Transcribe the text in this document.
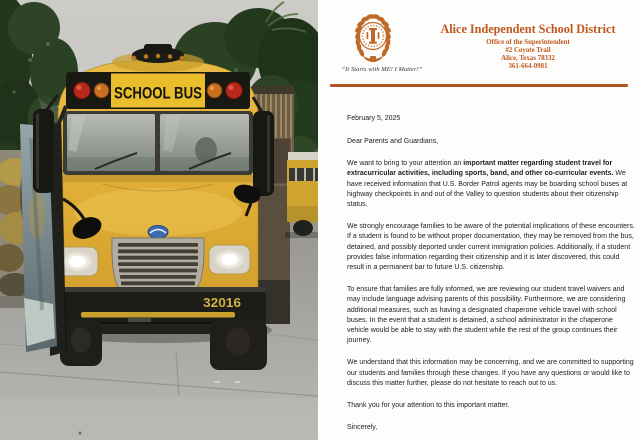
SCHOOL BUS
32016
“It Starts with ME! I Matter!”
Alice Independent School District
Office of the Superintendent
#2 Coyote Trail
Alice, Texas 78332
361-664-0981
February 5, 2025

Dear Parents and Guardians,

We want to bring to your attention an important matter regarding student travel for extracurricular activities, including sports, band, and other co-curricular events. We have received information that U.S. Border Patrol agents may be boarding school buses at highway checkpoints in and out of the Valley to question students about their citizenship status.

We strongly encourage families to be aware of the potential implications of these encounters. If a student is found to be without proper documentation, they may be removed from the bus, detained, and possibly deported under current immigration policies. Additionally, if a student provides false information regarding their citizenship and it is later discovered, this could result in a permanent bar to future U.S. citizenship.

To ensure that families are fully informed, we are reviewing our student travel waivers and may include language advising parents of this possibility. Furthermore, we are considering additional measures, such as having a designated chaperone vehicle travel with school buses. In the event that a student is detained, a school administrator in the chaperone vehicle would be able to stay with the student while the rest of the group continues their journey.

We understand that this information may be concerning, and we are committed to supporting our students and families through these changes. If you have any questions or would like to discuss this matter further, please do not hesitate to reach out to us.

Thank you for your attention to this important matter.

Sincerely,
